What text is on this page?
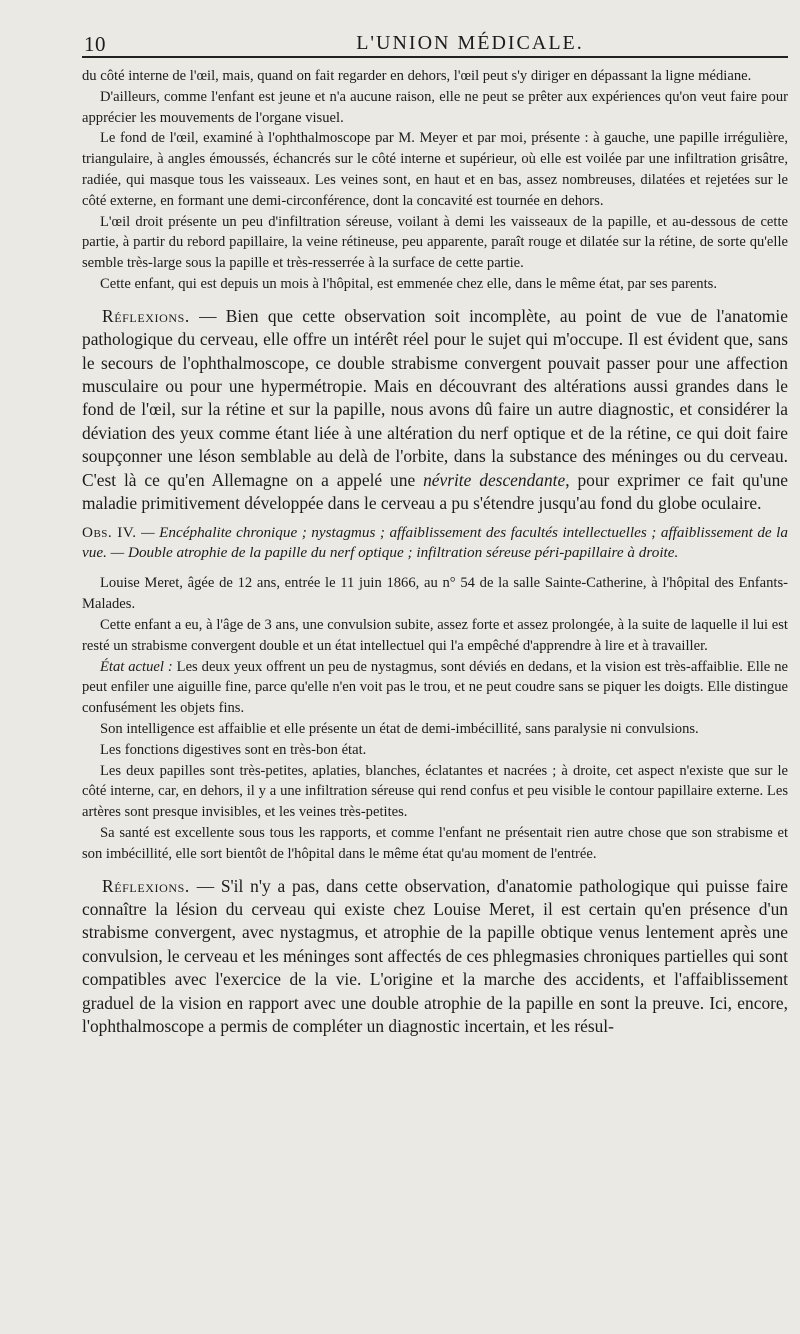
10	L'UNION MÉDICALE.

du côté interne de l'œil, mais, quand on fait regarder en dehors, l'œil peut s'y diriger en dépassant la ligne médiane.

D'ailleurs, comme l'enfant est jeune et n'a aucune raison, elle ne peut se prêter aux expériences qu'on veut faire pour apprécier les mouvements de l'organe visuel.

Le fond de l'œil, examiné à l'ophthalmoscope par M. Meyer et par moi, présente : à gauche, une papille irrégulière, triangulaire, à angles émoussés, échancrés sur le côté interne et supérieur, où elle est voilée par une infiltration grisâtre, radiée, qui masque tous les vaisseaux. Les veines sont, en haut et en bas, assez nombreuses, dilatées et rejetées sur le côté externe, en formant une demi-circonférence, dont la concavité est tournée en dehors.

L'œil droit présente un peu d'infiltration séreuse, voilant à demi les vaisseaux de la papille, et au-dessous de cette partie, à partir du rebord papillaire, la veine rétineuse, peu apparente, paraît rouge et dilatée sur la rétine, de sorte qu'elle semble très-large sous la papille et très-resserrée à la surface de cette partie.

Cette enfant, qui est depuis un mois à l'hôpital, est emmenée chez elle, dans le même état, par ses parents.

Réflexions. — Bien que cette observation soit incomplète, au point de vue de l'anatomie pathologique du cerveau, elle offre un intérêt réel pour le sujet qui m'occupe. Il est évident que, sans le secours de l'ophthalmoscope, ce double strabisme convergent pouvait passer pour une affection musculaire ou pour une hypermétropie. Mais en découvrant des altérations aussi grandes dans le fond de l'œil, sur la rétine et sur la papille, nous avons dû faire un autre diagnostic, et considérer la déviation des yeux comme étant liée à une altération du nerf optique et de la rétine, ce qui doit faire soupçonner une léson semblable au delà de l'orbite, dans la substance des méninges ou du cerveau. C'est là ce qu'en Allemagne on a appelé une névrite descendante, pour exprimer ce fait qu'une maladie primitivement développée dans le cerveau a pu s'étendre jusqu'au fond du globe oculaire.

Obs. IV. — Encéphalite chronique ; nystagmus ; affaiblissement des facultés intellectuelles ; affaiblissement de la vue. — Double atrophie de la papille du nerf optique ; infiltration séreuse péri-papillaire à droite.

Louise Meret, âgée de 12 ans, entrée le 11 juin 1866, au n° 54 de la salle Sainte-Catherine, à l'hôpital des Enfants-Malades.

Cette enfant a eu, à l'âge de 3 ans, une convulsion subite, assez forte et assez prolongée, à la suite de laquelle il lui est resté un strabisme convergent double et un état intellectuel qui l'a empêché d'apprendre à lire et à travailler.

État actuel : Les deux yeux offrent un peu de nystagmus, sont déviés en dedans, et la vision est très-affaiblie. Elle ne peut enfiler une aiguille fine, parce qu'elle n'en voit pas le trou, et ne peut coudre sans se piquer les doigts. Elle distingue confusément les objets fins.

Son intelligence est affaiblie et elle présente un état de demi-imbécillité, sans paralysie ni convulsions.

Les fonctions digestives sont en très-bon état.

Les deux papilles sont très-petites, aplaties, blanches, éclatantes et nacrées ; à droite, cet aspect n'existe que sur le côté interne, car, en dehors, il y a une infiltration séreuse qui rend confus et peu visible le contour papillaire externe. Les artères sont presque invisibles, et les veines très-petites.

Sa santé est excellente sous tous les rapports, et comme l'enfant ne présentait rien autre chose que son strabisme et son imbécillité, elle sort bientôt de l'hôpital dans le même état qu'au moment de l'entrée.

Réflexions. — S'il n'y a pas, dans cette observation, d'anatomie pathologique qui puisse faire connaître la lésion du cerveau qui existe chez Louise Meret, il est certain qu'en présence d'un strabisme convergent, avec nystagmus, et atrophie de la papille obtique venus lentement après une convulsion, le cerveau et les méninges sont affectés de ces phlegmasies chroniques partielles qui sont compatibles avec l'exercice de la vie. L'origine et la marche des accidents, et l'affaiblissement graduel de la vision en rapport avec une double atrophie de la papille en sont la preuve. Ici, encore, l'ophthalmoscope a permis de compléter un diagnostic incertain, et les résul-
